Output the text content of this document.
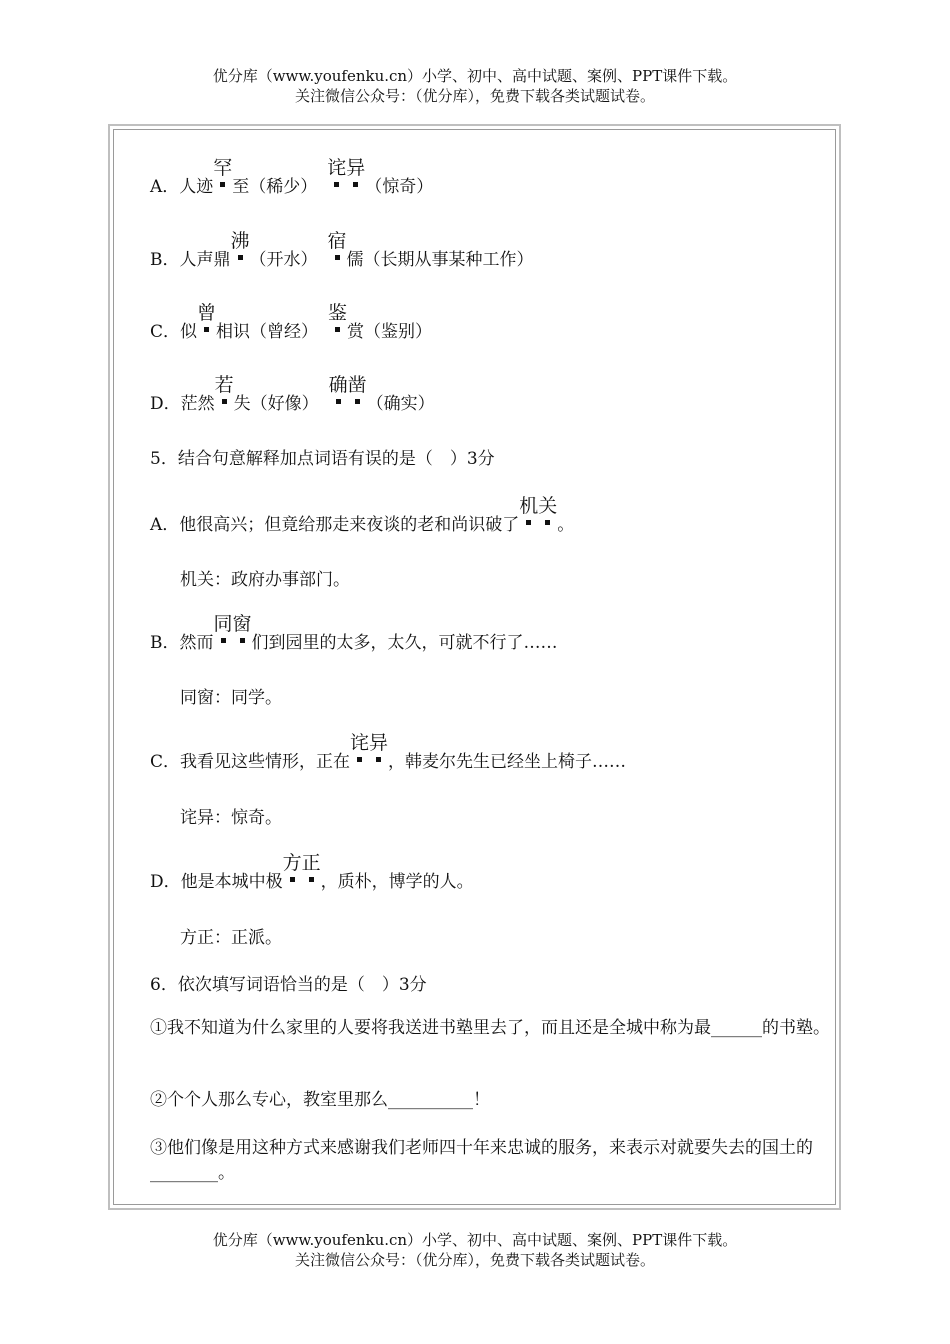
优分库（www.youfenku.cn）小学、初中、高中试题、案例、PPT课件下载。
关注微信公众号：（优分库），免费下载各类试题试卷。
A．人迹
罕
至（稀少）
诧异
（惊奇）
B．人声鼎
沸
（开水）
宿
儒（长期从事某种工作）
C．似
曾
相识（曾经）
鉴
赏（鉴别）
D．茫然
若
失（好像）
确凿
（确实）
5．结合句意解释加点词语有误的是（　）3分
A．他很高兴；但竟给那走来夜谈的老和尚识破了
机关
。
机关：政府办事部门。
B．然而
同窗
们到园里的太多，太久，可就不行了……
同窗：同学。
C．我看见这些情形，正在
诧异
，韩麦尔先生已经坐上椅子……
诧异：惊奇。
D．他是本城中极
方正
，质朴，博学的人。
方正：正派。
6．依次填写词语恰当的是（　）3分
①我不知道为什么家里的人要将我送进书塾里去了，而且还是全城中称为最______的书塾。
②个个人那么专心，教室里那么__________！
③他们像是用这种方式来感谢我们老师四十年来忠诚的服务，来表示对就要失去的国土的________。
优分库（www.youfenku.cn）小学、初中、高中试题、案例、PPT课件下载。
关注微信公众号：（优分库），免费下载各类试题试卷。
